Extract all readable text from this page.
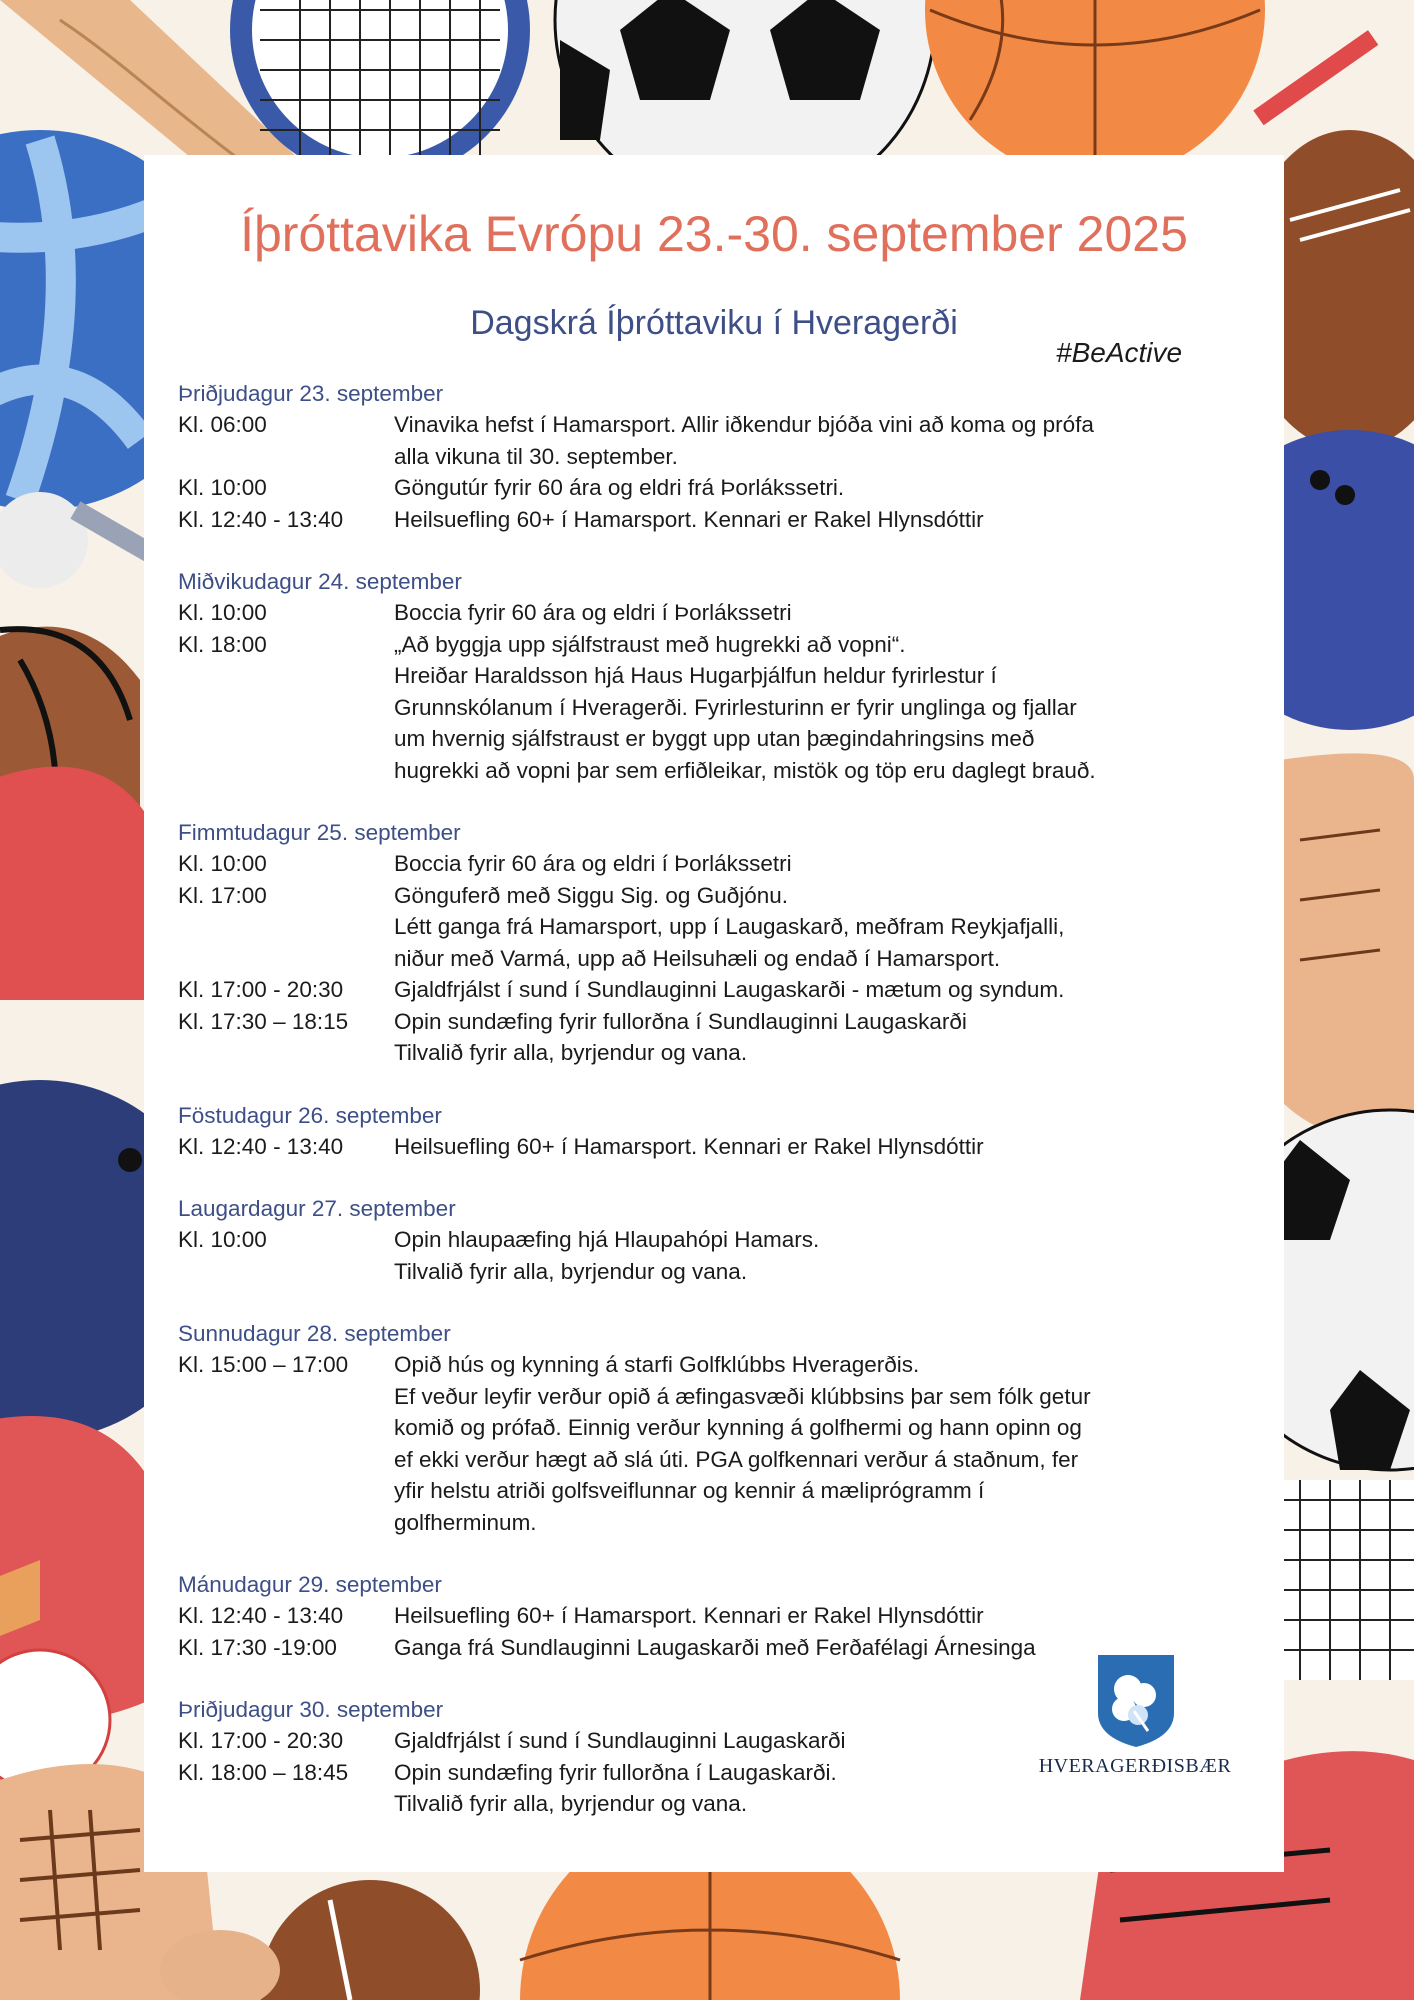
Íþróttavika Evrópu 23.-30. september 2025
Dagskrá Íþróttaviku í Hveragerði
#BeActive
Þriðjudagur 23. september
Kl. 06:00	Vinavika hefst í Hamarsport. Allir iðkendur bjóða vini að koma og prófa
alla vikuna til 30. september.
Kl. 10:00	Göngutúr fyrir 60 ára og eldri frá Þorlákssetri.
Kl. 12:40 - 13:40	Heilsuefling 60+ í Hamarsport. Kennari er Rakel Hlynsdóttir
Miðvikudagur 24. september
Kl. 10:00	Boccia fyrir 60 ára og eldri í Þorlákssetri
Kl. 18:00	„Að byggja upp sjálfstraust með hugrekki að vopni“.
Hreiðar Haraldsson hjá Haus Hugarþjálfun heldur fyrirlestur í
Grunnskólanum í Hveragerði. Fyrirlesturinn er fyrir unglinga og fjallar
um hvernig sjálfstraust er byggt upp utan þægindahringsins með
hugrekki að vopni þar sem erfiðleikar, mistök og töp eru daglegt brauð.
Fimmtudagur 25. september
Kl. 10:00	Boccia fyrir 60 ára og eldri í Þorlákssetri
Kl. 17:00	Gönguferð með Siggu Sig. og Guðjónu.
Létt ganga frá Hamarsport, upp í Laugaskarð, meðfram Reykjafjalli,
niður með Varmá, upp að Heilsuhæli og endað í Hamarsport.
Kl. 17:00 - 20:30	Gjaldfrjálst í sund í Sundlauginni Laugaskarði - mætum og syndum.
Kl. 17:30 – 18:15	Opin sundæfing fyrir fullorðna í Sundlauginni Laugaskarði
Tilvalið fyrir alla, byrjendur og vana.
Föstudagur 26. september
Kl. 12:40 - 13:40	Heilsuefling 60+ í Hamarsport. Kennari er Rakel Hlynsdóttir
Laugardagur 27. september
Kl. 10:00	Opin hlaupaæfing hjá Hlaupahópi Hamars.
Tilvalið fyrir alla, byrjendur og vana.
Sunnudagur 28. september
Kl. 15:00 – 17:00	Opið hús og kynning á starfi Golfklúbbs Hveragerðis.
Ef veður leyfir verður opið á æfingasvæði klúbbsins þar sem fólk getur
komið og prófað. Einnig verður kynning á golfhermi og hann opinn og
ef ekki verður hægt að slá úti. PGA golfkennari verður á staðnum, fer
yfir helstu atriði golfsveiflunnar og kennir á mæliprógramm í
golfherminum.
Mánudagur 29. september
Kl. 12:40 - 13:40	Heilsuefling 60+ í Hamarsport. Kennari er Rakel Hlynsdóttir
Kl. 17:30 -19:00	Ganga frá Sundlauginni Laugaskarði með Ferðafélagi Árnesinga
Þriðjudagur 30. september
Kl. 17:00 - 20:30	Gjaldfrjálst í sund í Sundlauginni Laugaskarði
Kl. 18:00 – 18:45	Opin sundæfing fyrir fullorðna í Laugaskarði.
Tilvalið fyrir alla, byrjendur og vana.
HVERAGERÐISBÆR
